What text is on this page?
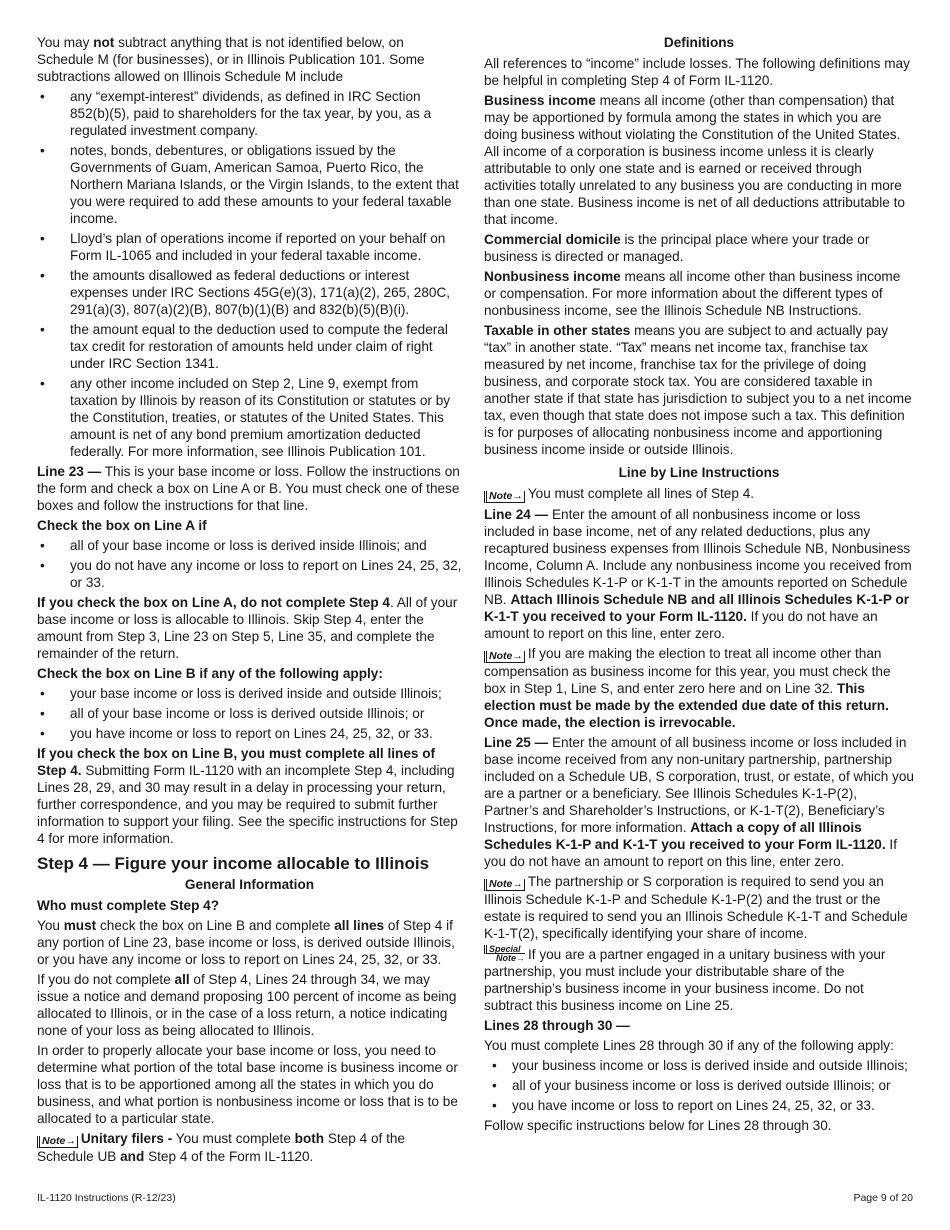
You may not subtract anything that is not identified below, on Schedule M (for businesses), or in Illinois Publication 101. Some subtractions allowed on Illinois Schedule M include

• any “exempt-interest” dividends, as defined in IRC Section 852(b)(5), paid to shareholders for the tax year, by you, as a regulated investment company.
• notes, bonds, debentures, or obligations issued by the Governments of Guam, American Samoa, Puerto Rico, the Northern Mariana Islands, or the Virgin Islands, to the extent that you were required to add these amounts to your federal taxable income.
• Lloyd’s plan of operations income if reported on your behalf on Form IL-1065 and included in your federal taxable income.
• the amounts disallowed as federal deductions or interest expenses under IRC Sections 45G(e)(3), 171(a)(2), 265, 280C, 291(a)(3), 807(a)(2)(B), 807(b)(1)(B) and 832(b)(5)(B)(i).
• the amount equal to the deduction used to compute the federal tax credit for restoration of amounts held under claim of right under IRC Section 1341.
• any other income included on Step 2, Line 9, exempt from taxation by Illinois by reason of its Constitution or statutes or by the Constitution, treaties, or statutes of the United States. This amount is net of any bond premium amortization deducted federally. For more information, see Illinois Publication 101.

Line 23 — This is your base income or loss. Follow the instructions on the form and check a box on Line A or B. You must check one of these boxes and follow the instructions for that line.

Check the box on Line A if

• all of your base income or loss is derived inside Illinois; and
• you do not have any income or loss to report on Lines 24, 25, 32, or 33.

If you check the box on Line A, do not complete Step 4. All of your base income or loss is allocable to Illinois. Skip Step 4, enter the amount from Step 3, Line 23 on Step 5, Line 35, and complete the remainder of the return.

Check the box on Line B if any of the following apply:

• your base income or loss is derived inside and outside Illinois;
• all of your base income or loss is derived outside Illinois; or
• you have income or loss to report on Lines 24, 25, 32, or 33.

If you check the box on Line B, you must complete all lines of Step 4. Submitting Form IL-1120 with an incomplete Step 4, including Lines 28, 29, and 30 may result in a delay in processing your return, further correspondence, and you may be required to submit further information to support your filing. See the specific instructions for Step 4 for more information.

Step 4 — Figure your income allocable to Illinois
General Information

Who must complete Step 4?

You must check the box on Line B and complete all lines of Step 4 if any portion of Line 23, base income or loss, is derived outside Illinois, or you have any income or loss to report on Lines 24, 25, 32, or 33.

If you do not complete all of Step 4, Lines 24 through 34, we may issue a notice and demand proposing 100 percent of income as being allocated to Illinois, or in the case of a loss return, a notice indicating none of your loss as being allocated to Illinois.

In order to properly allocate your base income or loss, you need to determine what portion of the total base income is business income or loss that is to be apportioned among all the states in which you do business, and what portion is nonbusiness income or loss that is to be allocated to a particular state.

Note→ Unitary filers - You must complete both Step 4 of the Schedule UB and Step 4 of the Form IL-1120.

Definitions

All references to “income” include losses. The following definitions may be helpful in completing Step 4 of Form IL-1120.

Business income means all income (other than compensation) that may be apportioned by formula among the states in which you are doing business without violating the Constitution of the United States. All income of a corporation is business income unless it is clearly attributable to only one state and is earned or received through activities totally unrelated to any business you are conducting in more than one state. Business income is net of all deductions attributable to that income.

Commercial domicile is the principal place where your trade or business is directed or managed.

Nonbusiness income means all income other than business income or compensation. For more information about the different types of nonbusiness income, see the Illinois Schedule NB Instructions.

Taxable in other states means you are subject to and actually pay “tax” in another state. “Tax” means net income tax, franchise tax measured by net income, franchise tax for the privilege of doing business, and corporate stock tax. You are considered taxable in another state if that state has jurisdiction to subject you to a net income tax, even though that state does not impose such a tax. This definition is for purposes of allocating nonbusiness income and apportioning business income inside or outside Illinois.

Line by Line Instructions

Note→ You must complete all lines of Step 4.

Line 24 — Enter the amount of all nonbusiness income or loss included in base income, net of any related deductions, plus any recaptured business expenses from Illinois Schedule NB, Nonbusiness Income, Column A. Include any nonbusiness income you received from Illinois Schedules K-1-P or K-1-T in the amounts reported on Schedule NB. Attach Illinois Schedule NB and all Illinois Schedules K-1-P or K-1-T you received to your Form IL-1120. If you do not have an amount to report on this line, enter zero.

Note→ If you are making the election to treat all income other than compensation as business income for this year, you must check the box in Step 1, Line S, and enter zero here and on Line 32. This election must be made by the extended due date of this return. Once made, the election is irrevocable.

Line 25 — Enter the amount of all business income or loss included in base income received from any non-unitary partnership, partnership included on a Schedule UB, S corporation, trust, or estate, of which you are a partner or a beneficiary. See Illinois Schedules K-1-P(2), Partner’s and Shareholder’s Instructions, or K-1-T(2), Beneficiary’s Instructions, for more information. Attach a copy of all Illinois Schedules K-1-P and K-1-T you received to your Form IL-1120. If you do not have an amount to report on this line, enter zero.

Note→ The partnership or S corporation is required to send you an Illinois Schedule K-1-P and Schedule K-1-P(2) and the trust or the estate is required to send you an Illinois Schedule K-1-T and Schedule K-1-T(2), specifically identifying your share of income.

Special
Note→ If you are a partner engaged in a unitary business with your partnership, you must include your distributable share of the partnership’s business income in your business income. Do not subtract this business income on Line 25.

Lines 28 through 30 —

You must complete Lines 28 through 30 if any of the following apply:

• your business income or loss is derived inside and outside Illinois;
• all of your business income or loss is derived outside Illinois; or
• you have income or loss to report on Lines 24, 25, 32, or 33.

Follow specific instructions below for Lines 28 through 30.

IL-1120 Instructions (R-12/23)	Page 9 of 20
